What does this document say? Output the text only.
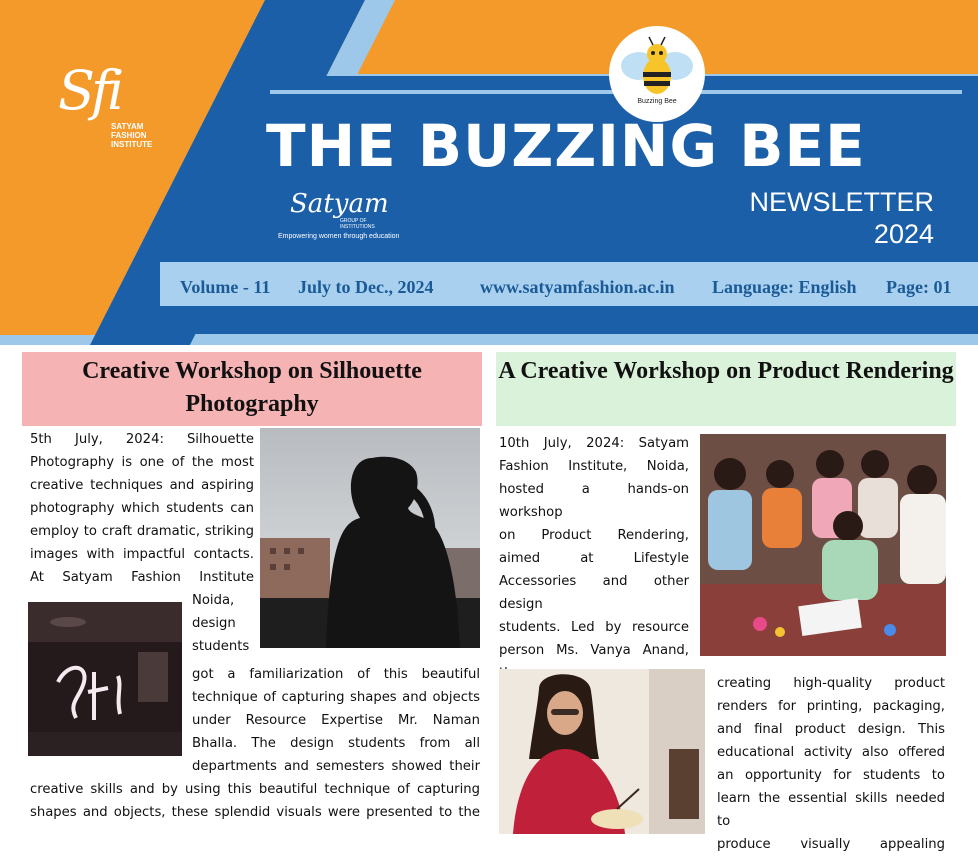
Sfi
SATYAM FASHION INSTITUTE
Buzzing Bee
THE BUZZING BEE
NEWSLETTER
2024
Satyam
GROUP OF INSTITUTIONS
Empowering women through education
Volume - 11 July to Dec., 2024	www.satyamfashion.ac.in Language: English Page: 01
Creative Workshop on Silhouette Photography
5th July, 2024: Silhouette
Photography is one of the most
creative techniques and aspiring
photography which students can
employ to craft dramatic, striking
images with impactful contacts.
At Satyam Fashion Institute
Noida,
design
students
got a familiarization of this beautiful
technique of capturing shapes and objects
under Resource Expertise Mr. Naman
Bhalla. The design students from all
departments and semesters showed their
creative skills and by using this beautiful technique of capturing
shapes and objects, these splendid visuals were presented to the
A Creative Workshop on Product Rendering
10th July, 2024: Satyam
Fashion Institute, Noida,
hosted a hands-on workshop
on Product Rendering,
aimed at Lifestyle
Accessories and other design
students. Led by resource
person Ms. Vanya Anand,
creating high-quality product
renders for printing, packaging,
and final product design. This
educational activity also offered
an opportunity for students to
learn the essential skills needed to
produce visually appealing
